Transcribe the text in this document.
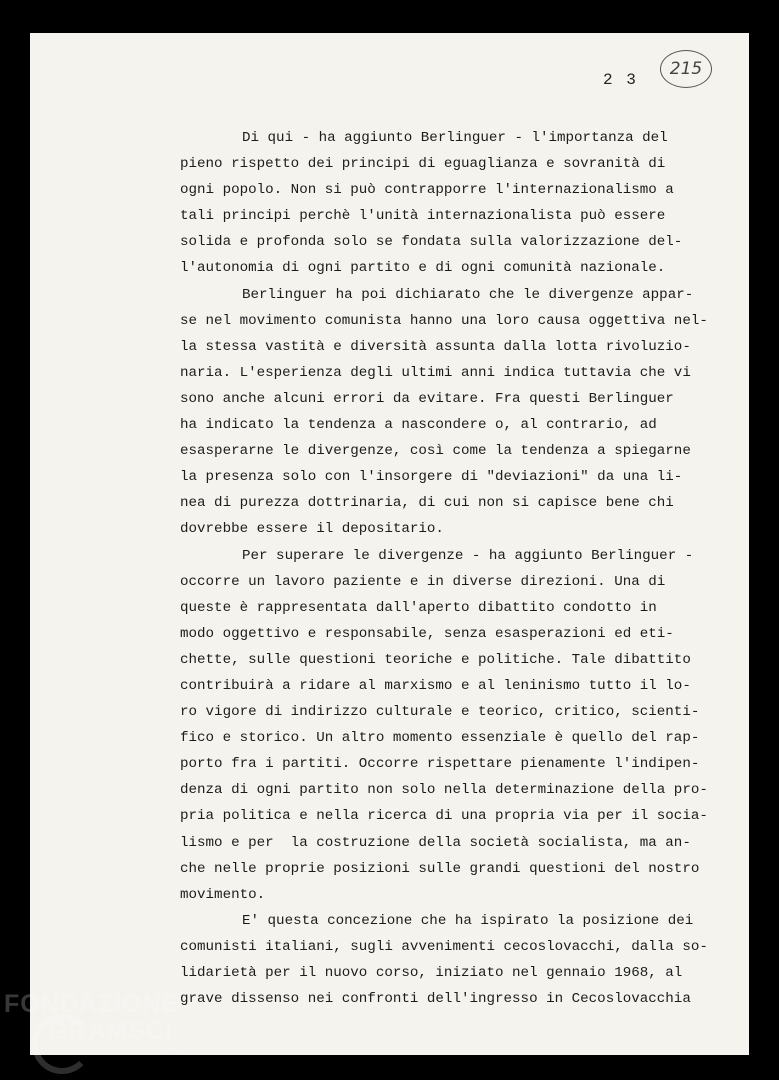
2 3
215
Di qui - ha aggiunto Berlinguer - l'importanza del
pieno rispetto dei principi di eguaglianza e sovranità di
ogni popolo. Non si può contrapporre l'internazionalismo a
tali principi perchè l'unità internazionalista può essere
solida e profonda solo se fondata sulla valorizzazione del-
l'autonomia di ogni partito e di ogni comunità nazionale.
Berlinguer ha poi dichiarato che le divergenze appar-
se nel movimento comunista hanno una loro causa oggettiva nel-
la stessa vastità e diversità assunta dalla lotta rivoluzio-
naria. L'esperienza degli ultimi anni indica tuttavia che vi
sono anche alcuni errori da evitare. Fra questi Berlinguer
ha indicato la tendenza a nascondere o, al contrario, ad
esasperarne le divergenze, così come la tendenza a spiegarne
la presenza solo con l'insorgere di "deviazioni" da una li-
nea di purezza dottrinaria, di cui non si capisce bene chi
dovrebbe essere il depositario.
Per superare le divergenze - ha aggiunto Berlinguer -
occorre un lavoro paziente e in diverse direzioni. Una di
queste è rappresentata dall'aperto dibattito condotto in
modo oggettivo e responsabile, senza esasperazioni ed eti-
chette, sulle questioni teoriche e politiche. Tale dibattito
contribuirà a ridare al marxismo e al leninismo tutto il lo-
ro vigore di indirizzo culturale e teorico, critico, scienti-
fico e storico. Un altro momento essenziale è quello del rap-
porto fra i partiti. Occorre rispettare pienamente l'indipen-
denza di ogni partito non solo nella determinazione della pro-
pria politica e nella ricerca di una propria via per il socia-
lismo e per  la costruzione della società socialista, ma an-
che nelle proprie posizioni sulle grandi questioni del nostro
movimento.
E' questa concezione che ha ispirato la posizione dei
comunisti italiani, sugli avvenimenti cecoslovacchi, dalla so-
lidarietà per il nuovo corso, iniziato nel gennaio 1968, al
grave dissenso nei confronti dell'ingresso in Cecoslovacchia
FONDAZIONE
GRAMSCI
onlus
